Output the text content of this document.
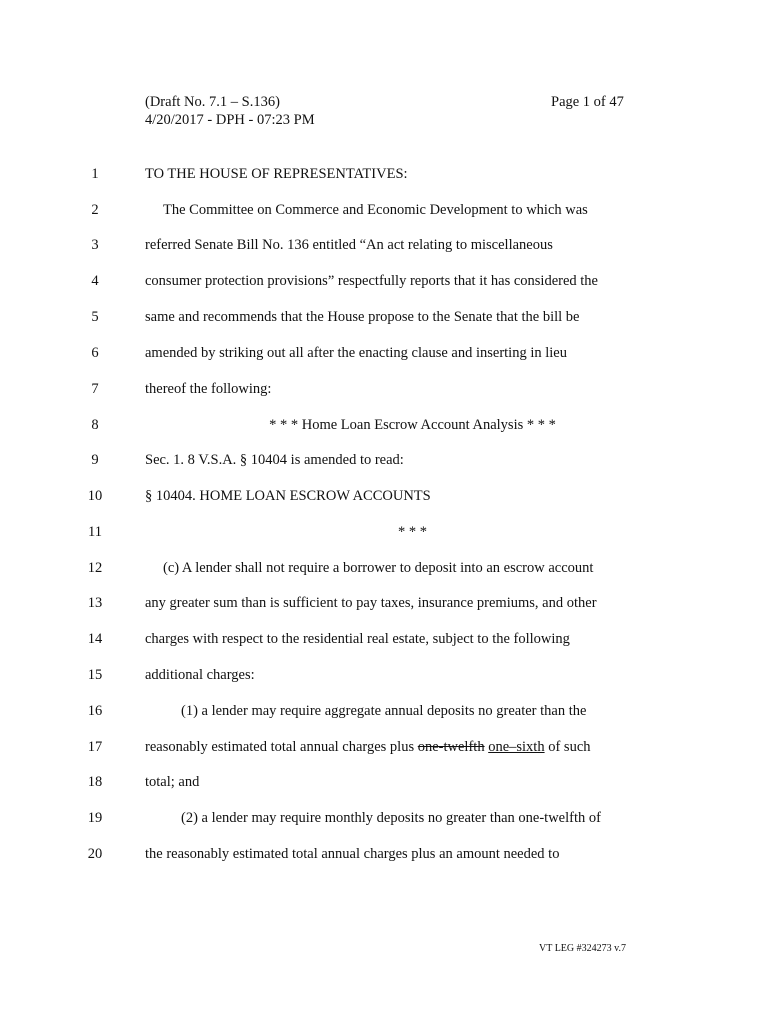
(Draft No. 7.1 – S.136)
4/20/2017 - DPH - 07:23 PM
Page 1 of 47
1
2
3
4
5
6
7
8
9
10
11
12
13
14
15
16
17
18
19
20
TO THE HOUSE OF REPRESENTATIVES:
The Committee on Commerce and Economic Development to which was
referred Senate Bill No. 136 entitled “An act relating to miscellaneous
consumer protection provisions” respectfully reports that it has considered the
same and recommends that the House propose to the Senate that the bill be
amended by striking out all after the enacting clause and inserting in lieu
thereof the following:
* * * Home Loan Escrow Account Analysis * * *
Sec. 1. 8 V.S.A. § 10404 is amended to read:
§ 10404. HOME LOAN ESCROW ACCOUNTS
* * *
(c) A lender shall not require a borrower to deposit into an escrow account
any greater sum than is sufficient to pay taxes, insurance premiums, and other
charges with respect to the residential real estate, subject to the following
additional charges:
(1) a lender may require aggregate annual deposits no greater than the
reasonably estimated total annual charges plus one-twelfth one–sixth of such
total; and
(2) a lender may require monthly deposits no greater than one-twelfth of
the reasonably estimated total annual charges plus an amount needed to
VT LEG #324273 v.7
